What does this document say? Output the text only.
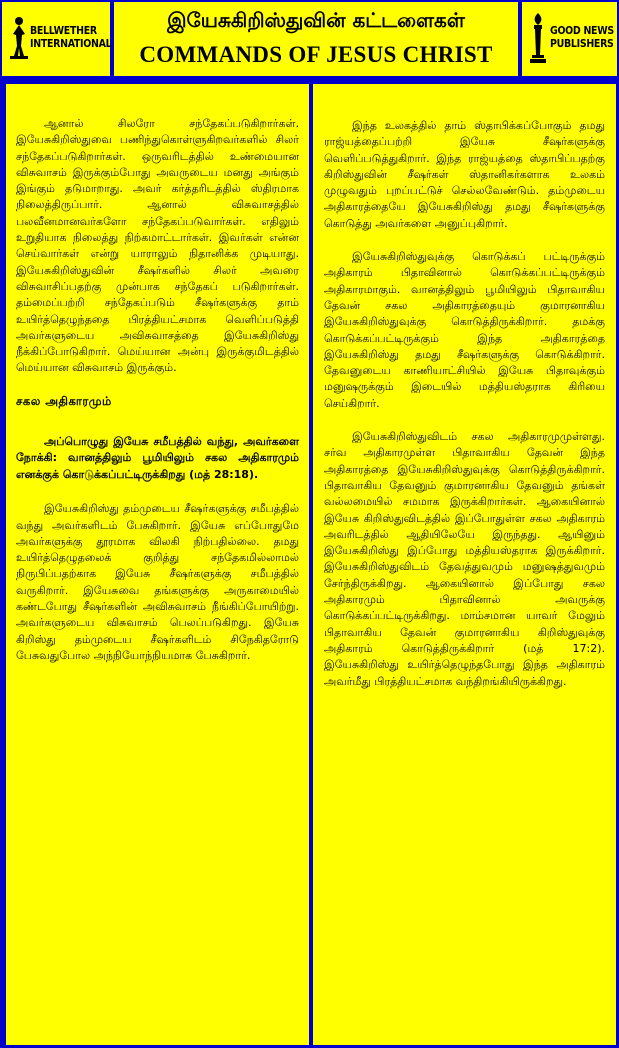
BELLWETHER
INTERNATIONAL
இயேசுகிறிஸ்துவின் கட்டளைகள்
COMMANDS OF JESUS CHRIST
GOOD NEWS
PUBLISHERS

ஆனால் சிலரோ சந்தேகப்படுகிறார்கள். இயேசுகிறிஸ்துவை பணிந்துகொள்ளுகிறவர்களில் சிலர் சந்தேகப்படுகிறார்கள். ஒருவரிடத்தில் உண்மையான விசுவாசம் இருக்கும்போது அவருடைய மனது அங்கும் இங்கும் தடுமாறாது. அவர் கர்த்தரிடத்தில் ஸ்திரமாக நிலைத்திருப்பார். ஆனால் விசுவாசத்தில் பலவீனமானவர்களோ சந்தேகப்படுவார்கள். எதிலும் உறுதியாக நிலைத்து நிற்கமாட்டார்கள். இவர்கள் என்ன செய்வார்கள் என்று யாராலும் நிதானிக்க முடியாது. இயேசுகிறிஸ்துவின் சீஷர்களில் சிலர் அவரை விசுவாசிப்பதற்கு முன்பாக சந்தேகப் படுகிறார்கள். தம்மைப்பற்றி சந்தேகப்படும் சீஷர்களுக்கு தாம் உயிர்த்தெழுந்ததை பிரத்தியட்சமாக வெளிப்படுத்தி அவர்களுடைய அவிசுவாசத்தை இயேசுகிறிஸ்து நீக்கிப்போடுகிறார். மெய்யான அன்பு இருக்குமிடத்தில் மெய்யான விசுவாசம் இருக்கும்.

சகல அதிகாரமும்

அப்பொழுது இயேசு சமீபத்தில் வந்து, அவர்களை நோக்கி: வானத்திலும் பூமியிலும் சகல அதிகாரமும் எனக்குக் கொடுக்கப்பட்டிருக்கிறது (மத் 28:18).

இயேசுகிறிஸ்து தம்முடைய சீஷர்களுக்கு சமீபத்தில் வந்து அவர்களிடம் பேசுகிறார். இயேசு எப்போதுமே அவர்களுக்கு தூரமாக விலகி நிற்பதில்லை. தமது உயிர்த்தெழுதலைக் குறித்து சந்தேகமில்லாமல் நிருபிப்பதற்காக இயேசு சீஷர்களுக்கு சமீபத்தில் வருகிறார். இயேசுவை தங்களுக்கு அருகாமையில் கண்டபோது சீஷர்களின் அவிசுவாசம் நீங்கிப்போயிற்று. அவர்களுடைய விசுவாசம் பெலப்படுகிறது. இயேசு கிறிஸ்து தம்முடைய சீஷர்களிடம் சிநேகிதரோடு பேசுவதுபோல அந்நியோந்நியமாக பேசுகிறார்.

இந்த உலகத்தில் தாம் ஸ்தாபிக்கப்போகும் தமது ராஜ்யத்தைப்பற்றி இயேசு சீஷர்களுக்கு வெளிப்படுத்துகிறார். இந்த ராஜ்யத்தை ஸ்தாபிப்பதற்கு கிறிஸ்துவின் சீஷர்கள் ஸ்தானிகர்களாக உலகம் முழுவதும் புறப்பட்டுச் செல்லவேண்டும். தம்முடைய அதிகாரத்தையே இயேசுகிறிஸ்து தமது சீஷர்களுக்கு கொடுத்து அவர்களை அனுப்புகிறார்.

இயேசுகிறிஸ்துவுக்கு கொடுக்கப் பட்டிருக்கும் அதிகாரம் பிதாவினால் கொடுக்கப்பட்டிருக்கும் அதிகாரமாகும். வானத்திலும் பூமியிலும் பிதாவாகிய தேவன் சகல அதிகாரத்தையும் குமாரனாகிய இயேசுகிறிஸ்துவுக்கு கொடுத்திருக்கிறார். தமக்கு கொடுக்கப்பட்டிருக்கும் இந்த அதிகாரத்தை இயேசுகிறிஸ்து தமது சீஷர்களுக்கு கொடுக்கிறார். தேவனுடைய காணியாட்சியில் இயேசு பிதாவுக்கும் மனுஷருக்கும் இடையில் மத்தியஸ்தராக கிரியை செய்கிறார்.

இயேசுகிறிஸ்துவிடம் சகல அதிகாரமுமுள்ளது. சர்வ அதிகாரமுள்ள பிதாவாகிய தேவன் இந்த அதிகாரத்தை இயேசுகிறிஸ்துவுக்கு கொடுத்திருக்கிறார். பிதாவாகிய தேவனும் குமாரனாகிய தேவனும் தங்கள் வல்லமையில் சமமாக இருக்கிறார்கள். ஆகையினால் இயேசு கிறிஸ்துவிடத்தில் இப்போதுள்ள சகல அதிகாரம் அவரிடத்தில் ஆதியிலேயே இருந்தது. ஆயினும் இயேசுகிறிஸ்து இப்போது மத்தியஸ்தராக இருக்கிறார். இயேசுகிறிஸ்துவிடம் தேவத்துவமும் மனுஷத்துவமும் சேர்ந்திருக்கிறது. ஆகையினால் இப்போது சகல அதிகாரமும் பிதாவினால் அவருக்கு கொடுக்கப்பட்டிருக்கிறது. மாம்சமான யாவர் மேலும் பிதாவாகிய தேவன் குமாரனாகிய கிறிஸ்துவுக்கு அதிகாரம் கொடுத்திருக்கிறார் (மத் 17:2). இயேசுகிறிஸ்து உயிர்த்தெழுந்தபோது இந்த அதிகாரம் அவர்மீது பிரத்தியட்சமாக வந்திறங்கியிருக்கிறது.
